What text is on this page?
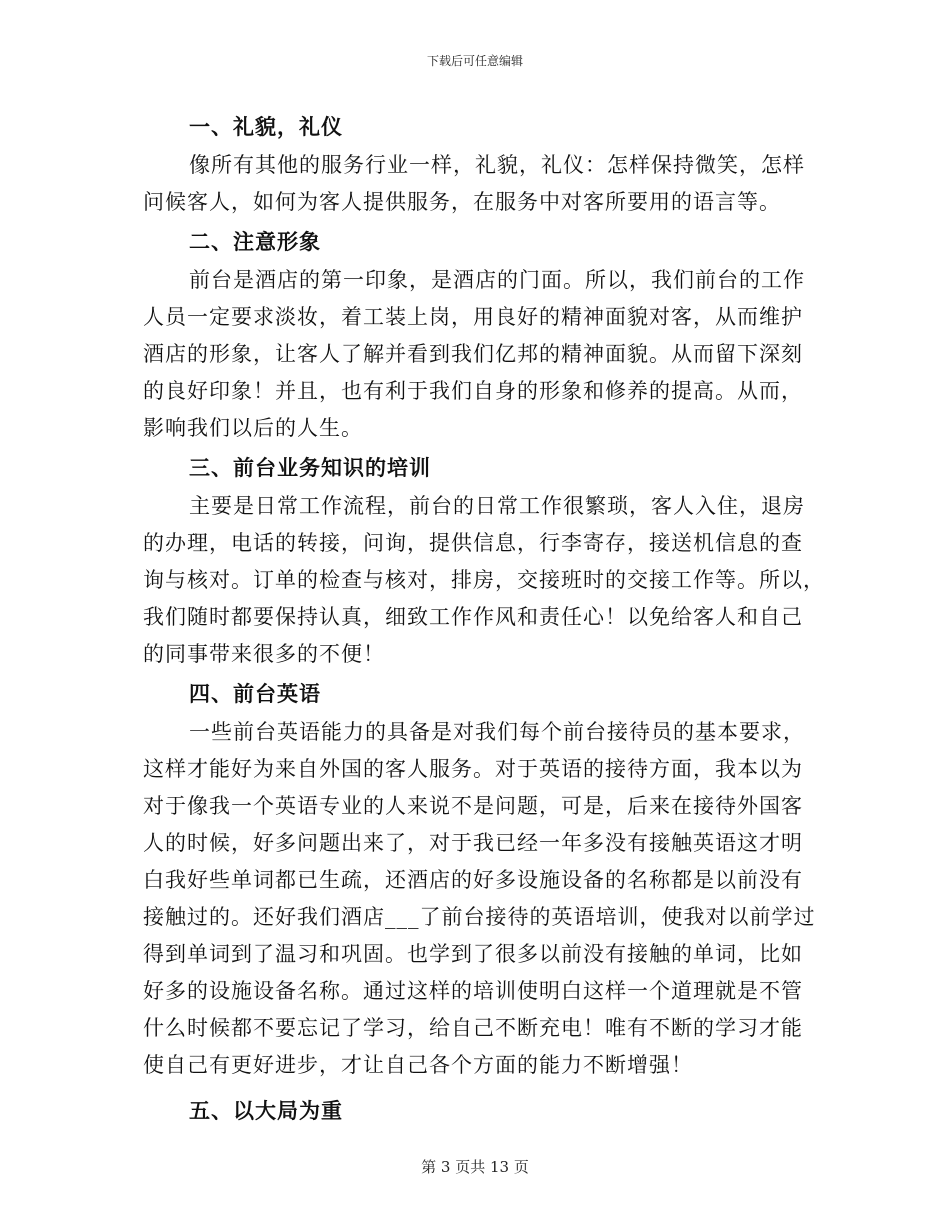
下载后可任意编辑
一、礼貌，礼仪

像所有其他的服务行业一样，礼貌，礼仪：怎样保持微笑，怎样
问候客人，如何为客人提供服务，在服务中对客所要用的语言等。

二、注意形象

前台是酒店的第一印象，是酒店的门面。所以，我们前台的工作
人员一定要求淡妆，着工装上岗，用良好的精神面貌对客，从而维护
酒店的形象，让客人了解并看到我们亿邦的精神面貌。从而留下深刻
的良好印象！并且，也有利于我们自身的形象和修养的提高。从而，
影响我们以后的人生。

三、前台业务知识的培训

主要是日常工作流程，前台的日常工作很繁琐，客人入住，退房
的办理，电话的转接，问询，提供信息，行李寄存，接送机信息的查
询与核对。订单的检查与核对，排房，交接班时的交接工作等。所以，
我们随时都要保持认真，细致工作作风和责任心！以免给客人和自己
的同事带来很多的不便！

四、前台英语

一些前台英语能力的具备是对我们每个前台接待员的基本要求，
这样才能好为来自外国的客人服务。对于英语的接待方面，我本以为
对于像我一个英语专业的人来说不是问题，可是，后来在接待外国客
人的时候，好多问题出来了，对于我已经一年多没有接触英语这才明
白我好些单词都已生疏，还酒店的好多设施设备的名称都是以前没有
接触过的。还好我们酒店___了前台接待的英语培训，使我对以前学过
得到单词到了温习和巩固。也学到了很多以前没有接触的单词，比如
好多的设施设备名称。通过这样的培训使明白这样一个道理就是不管
什么时候都不要忘记了学习，给自己不断充电！唯有不断的学习才能
使自己有更好进步，才让自己各个方面的能力不断增强！

五、以大局为重
第 3 页共 13 页
